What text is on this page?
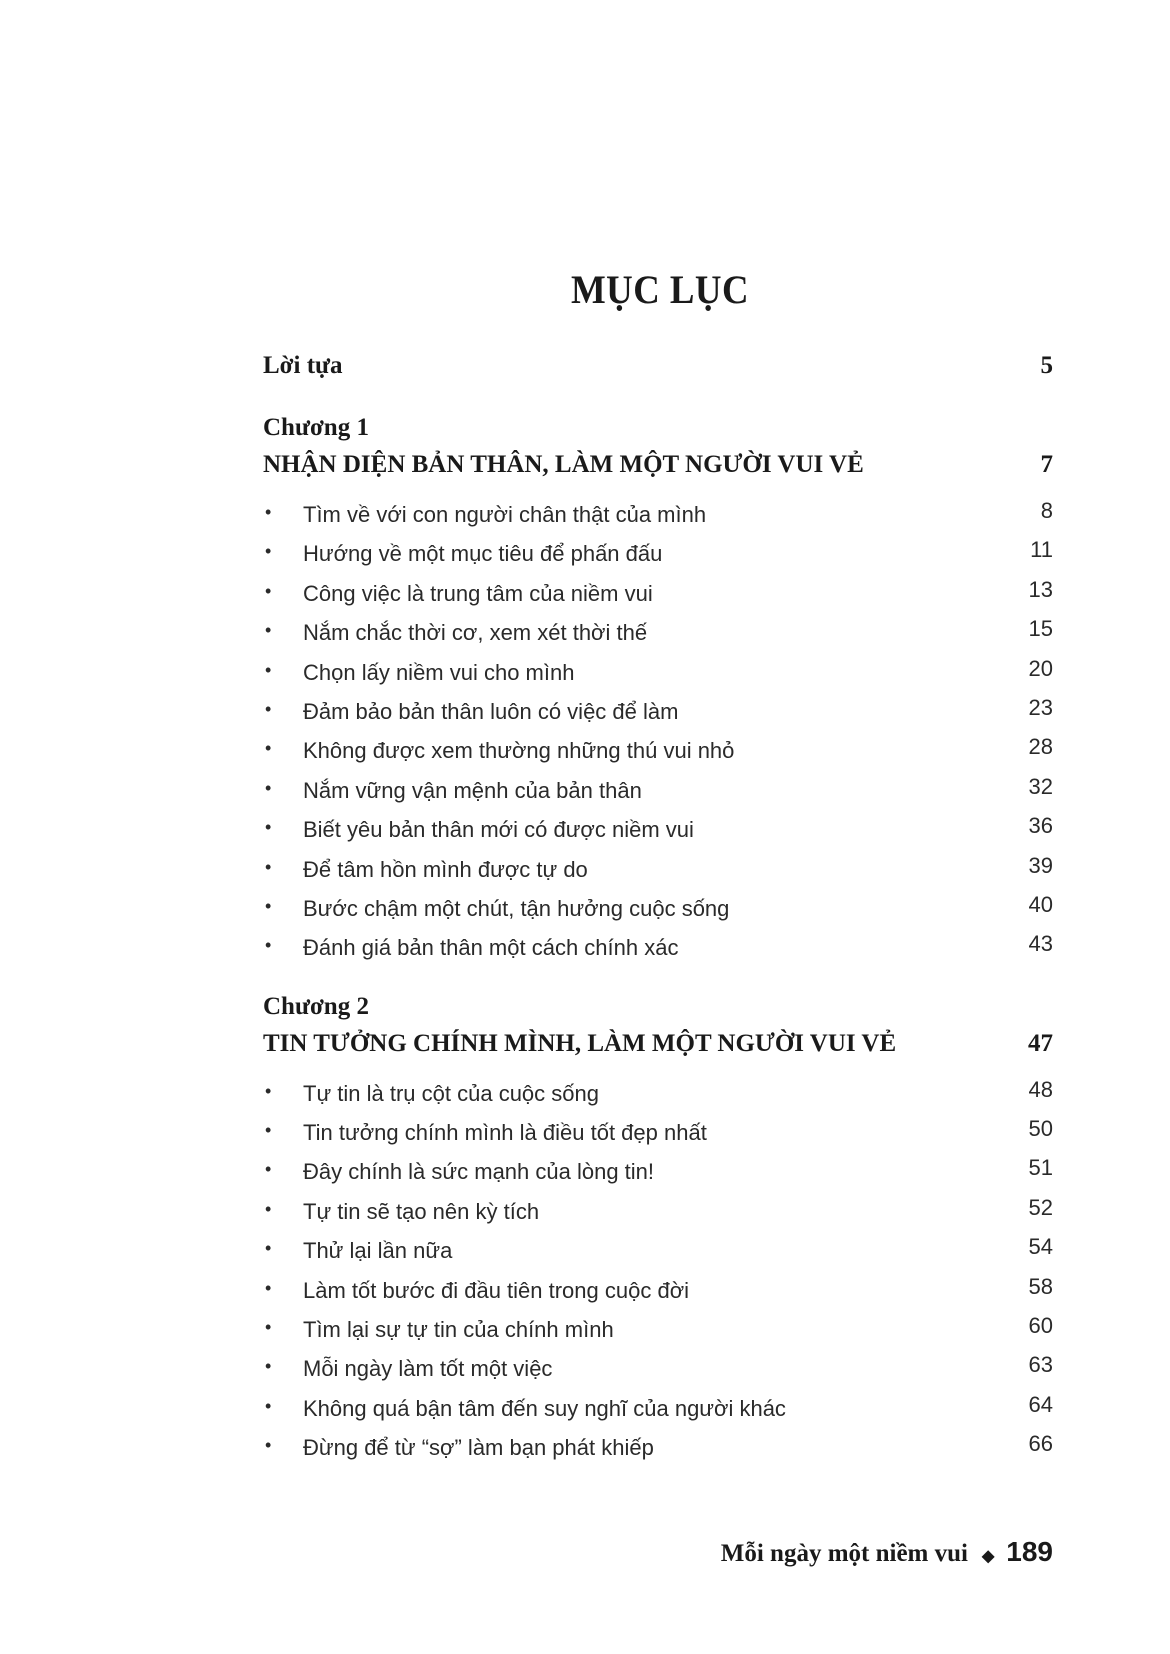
MỤC LỤC
Lời tựa	5
Chương 1
NHẬN DIỆN BẢN THÂN, LÀM MỘT NGƯỜI VUI VẺ	7
•	Tìm về với con người chân thật của mình	8
•	Hướng về một mục tiêu để phấn đấu	11
•	Công việc là trung tâm của niềm vui	13
•	Nắm chắc thời cơ, xem xét thời thế	15
•	Chọn lấy niềm vui cho mình	20
•	Đảm bảo bản thân luôn có việc để làm	23
•	Không được xem thường những thú vui nhỏ	28
•	Nắm vững vận mệnh của bản thân	32
•	Biết yêu bản thân mới có được niềm vui	36
•	Để tâm hồn mình được tự do	39
•	Bước chậm một chút, tận hưởng cuộc sống	40
•	Đánh giá bản thân một cách chính xác	43
Chương 2
TIN TƯỞNG CHÍNH MÌNH, LÀM MỘT NGƯỜI VUI VẺ	47
•	Tự tin là trụ cột của cuộc sống	48
•	Tin tưởng chính mình là điều tốt đẹp nhất	50
•	Đây chính là sức mạnh của lòng tin!	51
•	Tự tin sẽ tạo nên kỳ tích	52
•	Thử lại lần nữa	54
•	Làm tốt bước đi đầu tiên trong cuộc đời	58
•	Tìm lại sự tự tin của chính mình	60
•	Mỗi ngày làm tốt một việc	63
•	Không quá bận tâm đến suy nghĩ của người khác	64
•	Đừng để từ “sợ” làm bạn phát khiếp	66
Mỗi ngày một niềm vui ◆ 189
